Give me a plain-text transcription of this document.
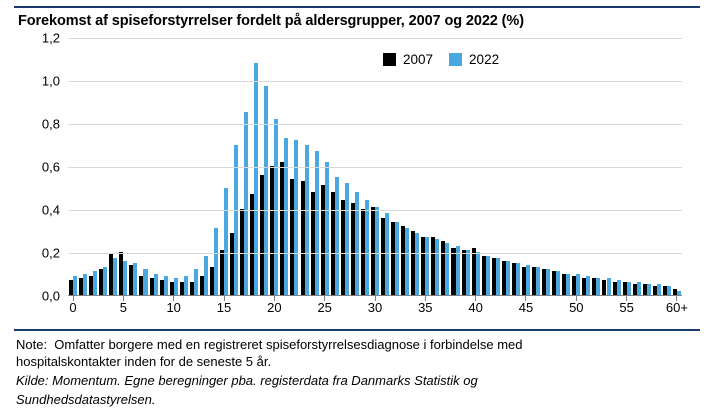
Forekomst af spiseforstyrrelser fordelt på aldersgrupper, 2007 og 2022 (%)
2007	2022
0,0
0,2
0,4
0,6
0,8
1,0
1,2
0	5	10	15	20	25	30	35	40	45	50	55 60+
Note:  Omfatter borgere med en registreret spiseforstyrrelsesdiagnose i forbindelse med
hospitalskontakter inden for de seneste 5 år.
Kilde: Momentum. Egne beregninger pba. registerdata fra Danmarks Statistik og
Sundhedsdatastyrelsen.
